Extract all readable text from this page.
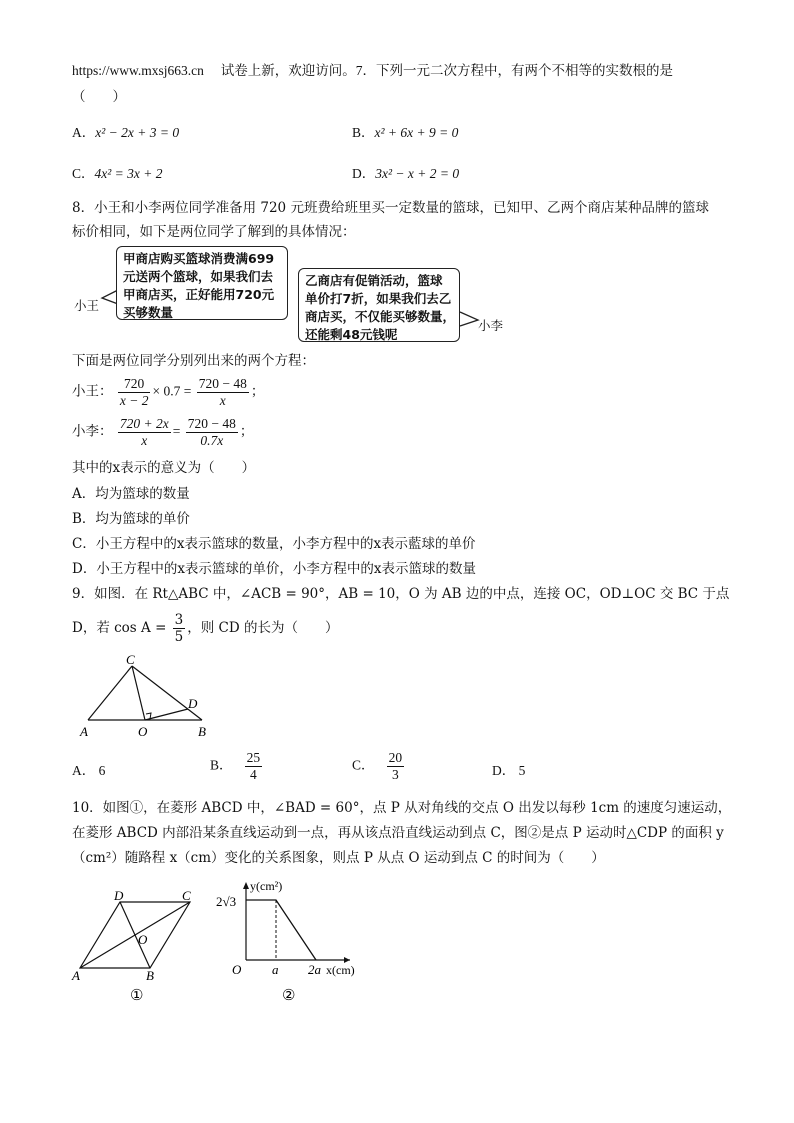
https://www.mxsj663.cn 试卷上新，欢迎访问。7．下列一元二次方程中，有两个不相等的实数根的是
（　　）
A．x² − 2x + 3 = 0	B．x² + 6x + 9 = 0
C．4x² = 3x + 2	D．3x² − x + 2 = 0
8．小王和小李两位同学准备用 720 元班费给班里买一定数量的篮球，已知甲、乙两个商店某种品牌的篮球
标价相同，如下是两位同学了解到的具体情况：
小王
甲商店购买篮球消费满699
元送两个篮球，如果我们去
甲商店买，正好能用720元
买够数量
乙商店有促销活动，篮球
单价打7折，如果我们去乙
商店买，不仅能买够数量，
还能剩48元钱呢
小李
下面是两位同学分别列出来的两个方程：
小王： $\frac{720}{x - 2} \times 0.7 = \frac{720 - 48}{x}$ ；
小李： $\frac{720 + 2x}{x} = \frac{720 - 48}{0.7x}$ ；
其中的x表示的意义为（　　）
A．均为篮球的数量
B．均为篮球的单价
C．小王方程中的x表示篮球的数量，小李方程中的x表示藍球的单价
D．小王方程中的x表示篮球的单价，小李方程中的x表示篮球的数量
9．如图．在 Rt△ABC 中，∠ACB = 90°，AB = 10，O 为 AB 边的中点，连接 OC，OD⊥OC 交 BC 于点
D，若 $\cos A = \frac{3}{5}$ ，则 CD 的长为（　　）
C
A	O	B
D
A． 6	B． $\frac{25}{4}$	C． $\frac{20}{3}$	D． 5
10．如图①，在菱形 ABCD 中，∠BAD = 60°，点 P 从对角线的交点 O 出发以每秒 1cm 的速度匀速运动，
在菱形 ABCD 内部沿某条直线运动到一点，再从该点沿直线运动到点 C，图②是点 P 运动时△CDP 的面积 y
（cm²）随路程 x（cm）变化的关系图象，则点 P 从点 O 运动到点 C 的时间为（　　）
D	C
O
A	B
①
y(cm²)
2√3
O a 2a x(cm)
②
